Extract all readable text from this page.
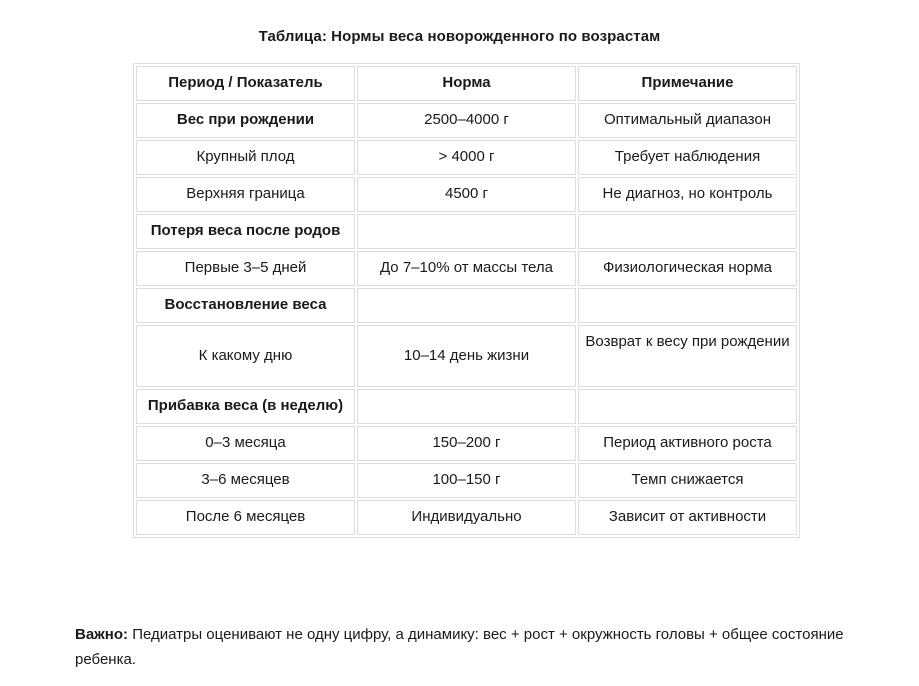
Таблица: Нормы веса новорожденного по возрастам
Период / Показатель	Норма	Примечание
Вес при рождении	2500–4000 г	Оптимальный диапазон
Крупный плод	> 4000 г	Требует наблюдения
Верхняя граница	4500 г	Не диагноз, но контроль
Потеря веса после родов		
Первые 3–5 дней	До 7–10% от массы тела	Физиологическая норма
Восстановление веса		
К какому дню	10–14 день жизни	Возврат к весу при рождении
Прибавка веса (в неделю)		
0–3 месяца	150–200 г	Период активного роста
3–6 месяцев	100–150 г	Темп снижается
После 6 месяцев	Индивидуально	Зависит от активности
Важно: Педиатры оценивают не одну цифру, а динамику: вес + рост + окружность головы + общее состояние ребенка.
